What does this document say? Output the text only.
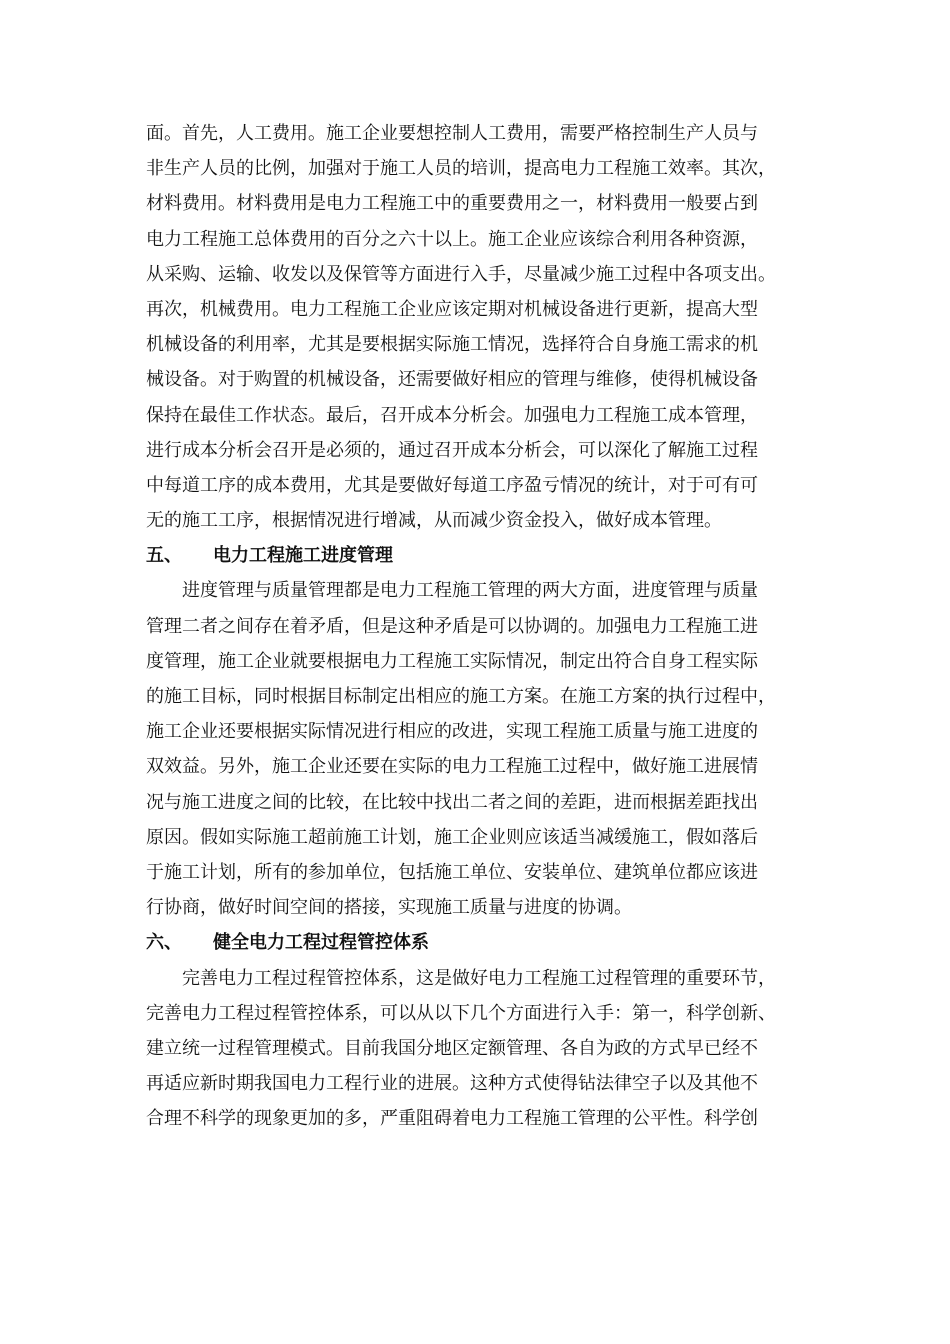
面。首先，人工费用。施工企业要想控制人工费用，需要严格控制生产人员与
非生产人员的比例，加强对于施工人员的培训，提高电力工程施工效率。其次，
材料费用。材料费用是电力工程施工中的重要费用之一，材料费用一般要占到
电力工程施工总体费用的百分之六十以上。施工企业应该综合利用各种资源，
从采购、运输、收发以及保管等方面进行入手，尽量减少施工过程中各项支出。
再次，机械费用。电力工程施工企业应该定期对机械设备进行更新，提高大型
机械设备的利用率，尤其是要根据实际施工情况，选择符合自身施工需求的机
械设备。对于购置的机械设备，还需要做好相应的管理与维修，使得机械设备
保持在最佳工作状态。最后，召开成本分析会。加强电力工程施工成本管理，
进行成本分析会召开是必须的，通过召开成本分析会，可以深化了解施工过程
中每道工序的成本费用，尤其是要做好每道工序盈亏情况的统计，对于可有可
无的施工工序，根据情况进行增减，从而减少资金投入，做好成本管理。
五、	电力工程施工进度管理
进度管理与质量管理都是电力工程施工管理的两大方面，进度管理与质量
管理二者之间存在着矛盾，但是这种矛盾是可以协调的。加强电力工程施工进
度管理，施工企业就要根据电力工程施工实际情况，制定出符合自身工程实际
的施工目标，同时根据目标制定出相应的施工方案。在施工方案的执行过程中，
施工企业还要根据实际情况进行相应的改进，实现工程施工质量与施工进度的
双效益。另外，施工企业还要在实际的电力工程施工过程中，做好施工进展情
况与施工进度之间的比较，在比较中找出二者之间的差距，进而根据差距找出
原因。假如实际施工超前施工计划，施工企业则应该适当减缓施工，假如落后
于施工计划，所有的参加单位，包括施工单位、安装单位、建筑单位都应该进
行协商，做好时间空间的搭接，实现施工质量与进度的协调。
六、	健全电力工程过程管控体系
完善电力工程过程管控体系，这是做好电力工程施工过程管理的重要环节，
完善电力工程过程管控体系，可以从以下几个方面进行入手：第一，科学创新、
建立统一过程管理模式。目前我国分地区定额管理、各自为政的方式早已经不
再适应新时期我国电力工程行业的进展。这种方式使得钻法律空子以及其他不
合理不科学的现象更加的多，严重阻碍着电力工程施工管理的公平性。科学创
